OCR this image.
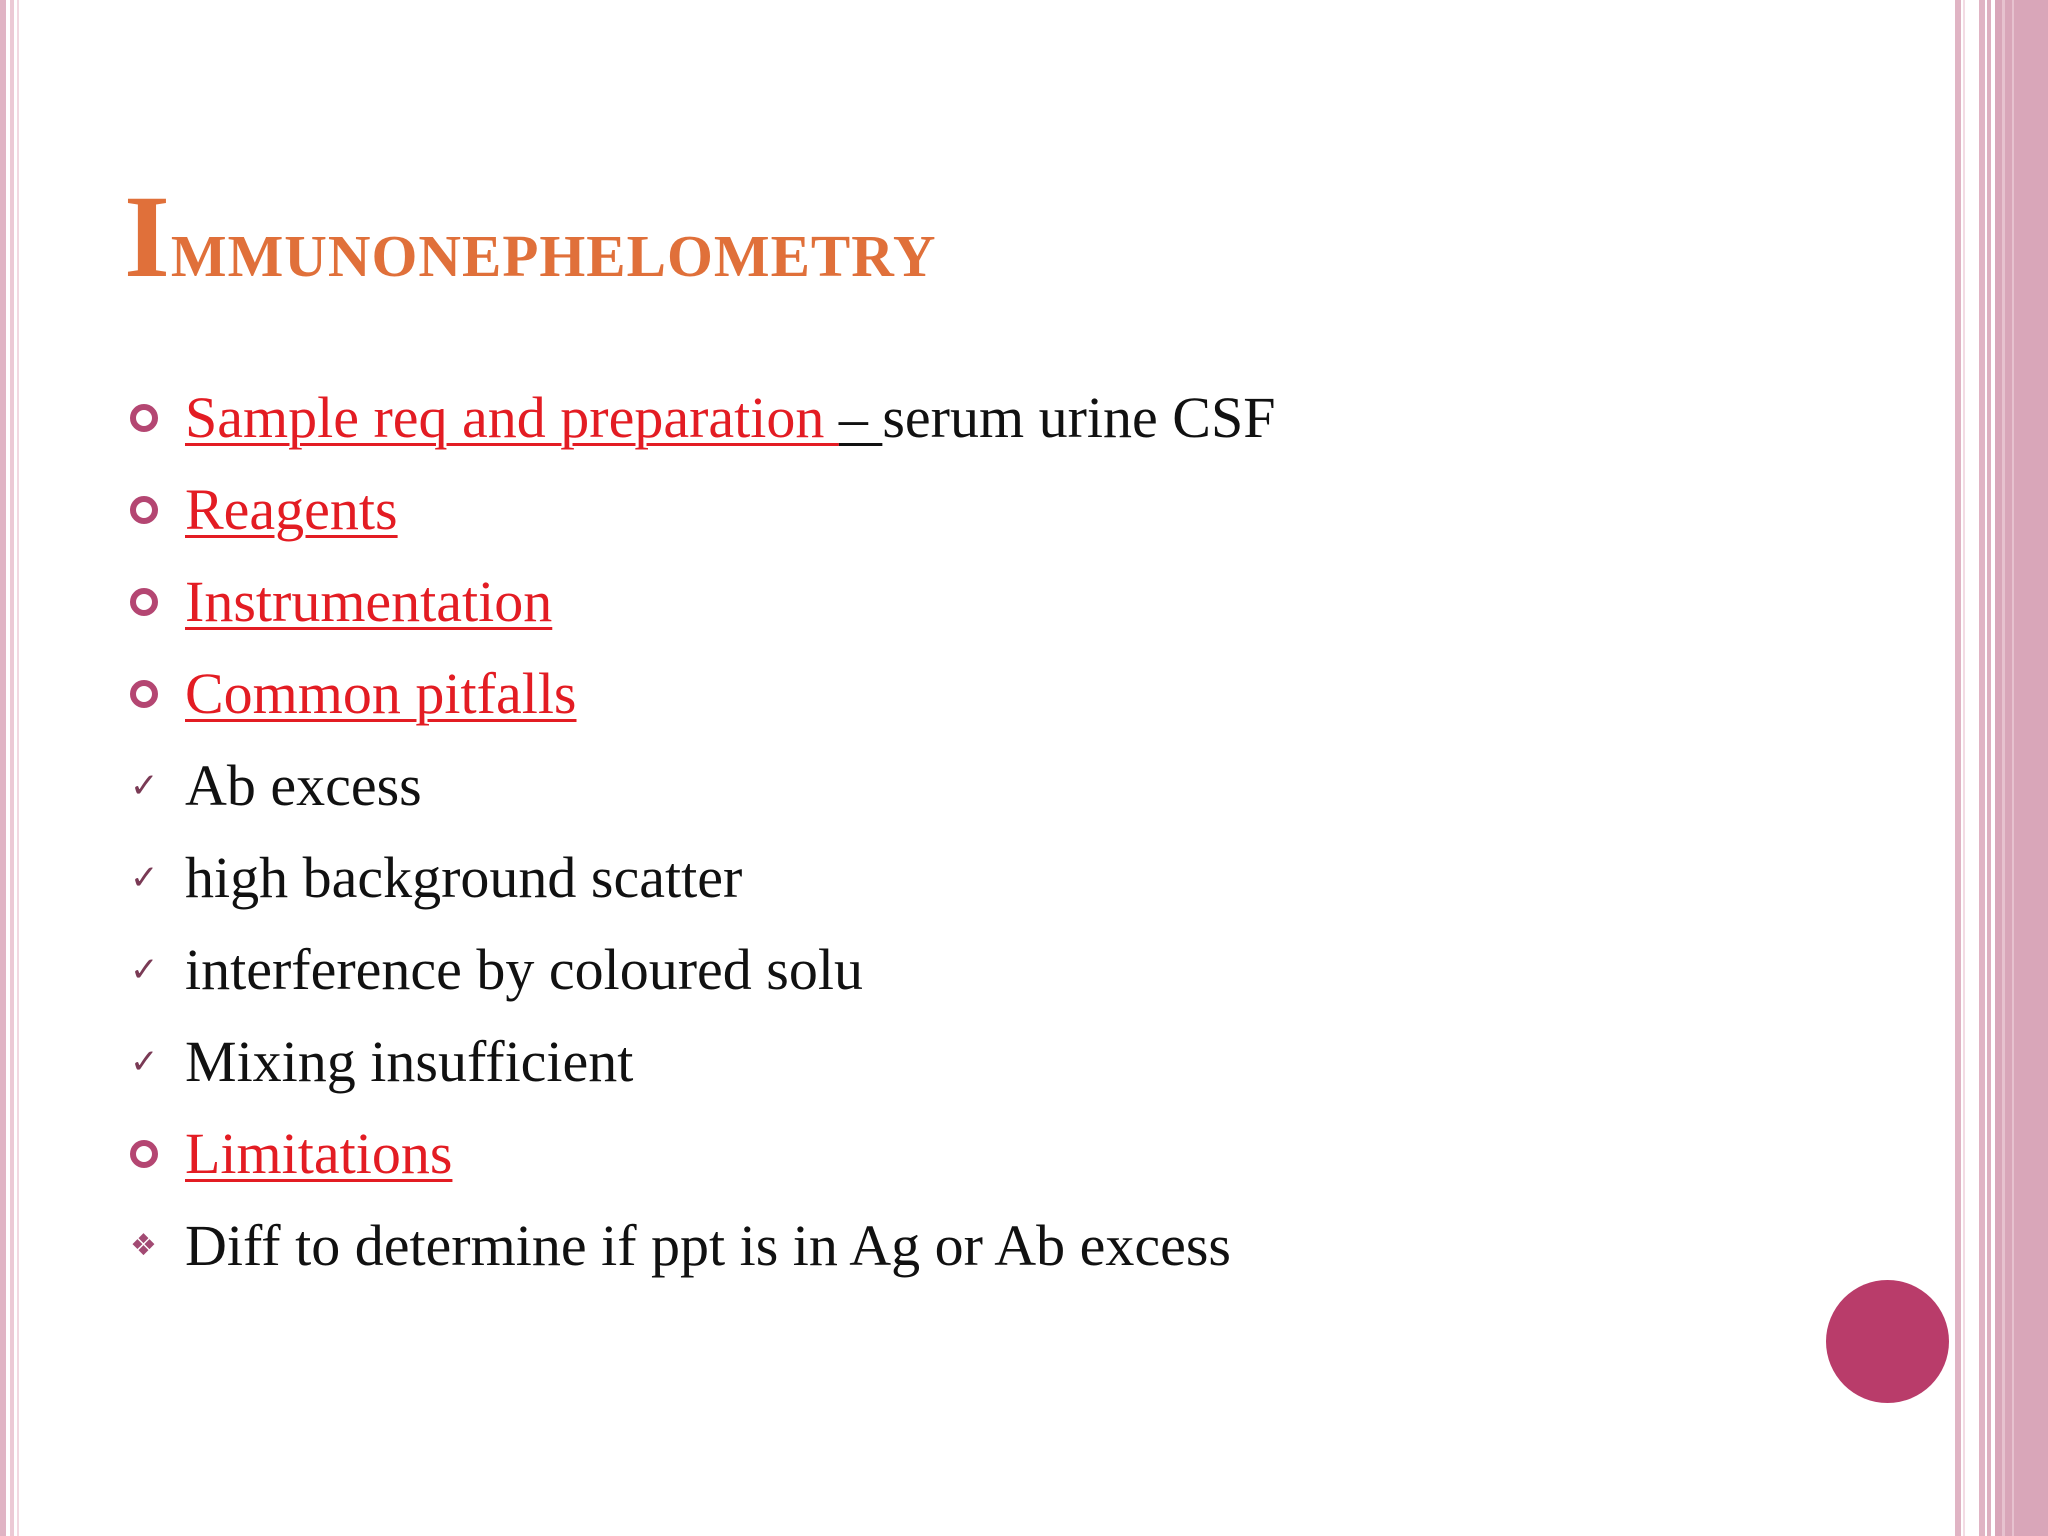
Immunonephelometry
Sample req and preparation – serum urine CSF
Reagents
Instrumentation
Common pitfalls
✓ Ab excess
✓ high background scatter
✓ interference by coloured solu
✓ Mixing insufficient
Limitations
❖ Diff to determine if ppt is in Ag or Ab excess
